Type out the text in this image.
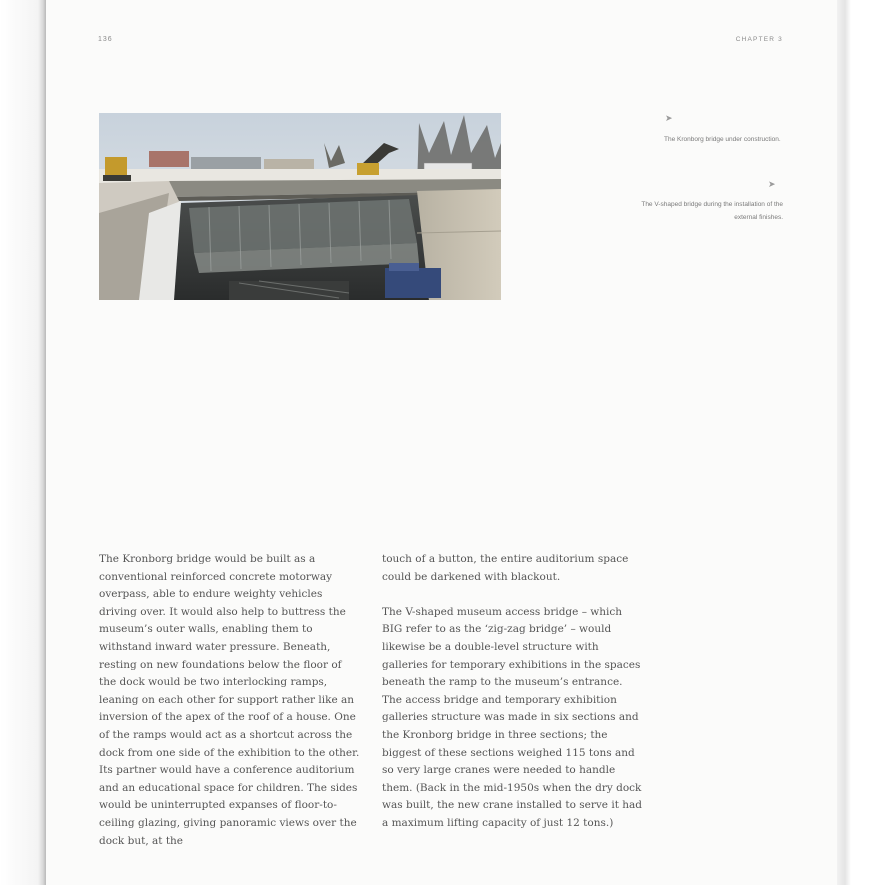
136	CHAPTER 3
➤
The Kronborg bridge under construction.
➤
The V-shaped bridge during the installation of the external finishes.

The Kronborg bridge would be built as a conventional reinforced concrete motorway overpass, able to endure weighty vehicles driving over. It would also help to buttress the museum’s outer walls, enabling them to withstand inward water pressure. Beneath, resting on new foundations below the floor of the dock would be two interlocking ramps, leaning on each other for support rather like an inversion of the apex of the roof of a house. One of the ramps would act as a shortcut across the dock from one side of the exhibition to the other. Its partner would have a conference auditorium and an educational space for children. The sides would be uninterrupted expanses of floor-to-ceiling glazing, giving panoramic views over the dock but, at the

touch of a button, the entire auditorium space could be darkened with blackout.

The V-shaped museum access bridge – which BIG refer to as the ‘zig-zag bridge’ – would likewise be a double-level structure with galleries for temporary exhibitions in the spaces beneath the ramp to the museum’s entrance. The access bridge and temporary exhibition galleries structure was made in six sections and the Kronborg bridge in three sections; the biggest of these sections weighed 115 tons and so very large cranes were needed to handle them. (Back in the mid-1950s when the dry dock was built, the new crane installed to serve it had a maximum lifting capacity of just 12 tons.)
